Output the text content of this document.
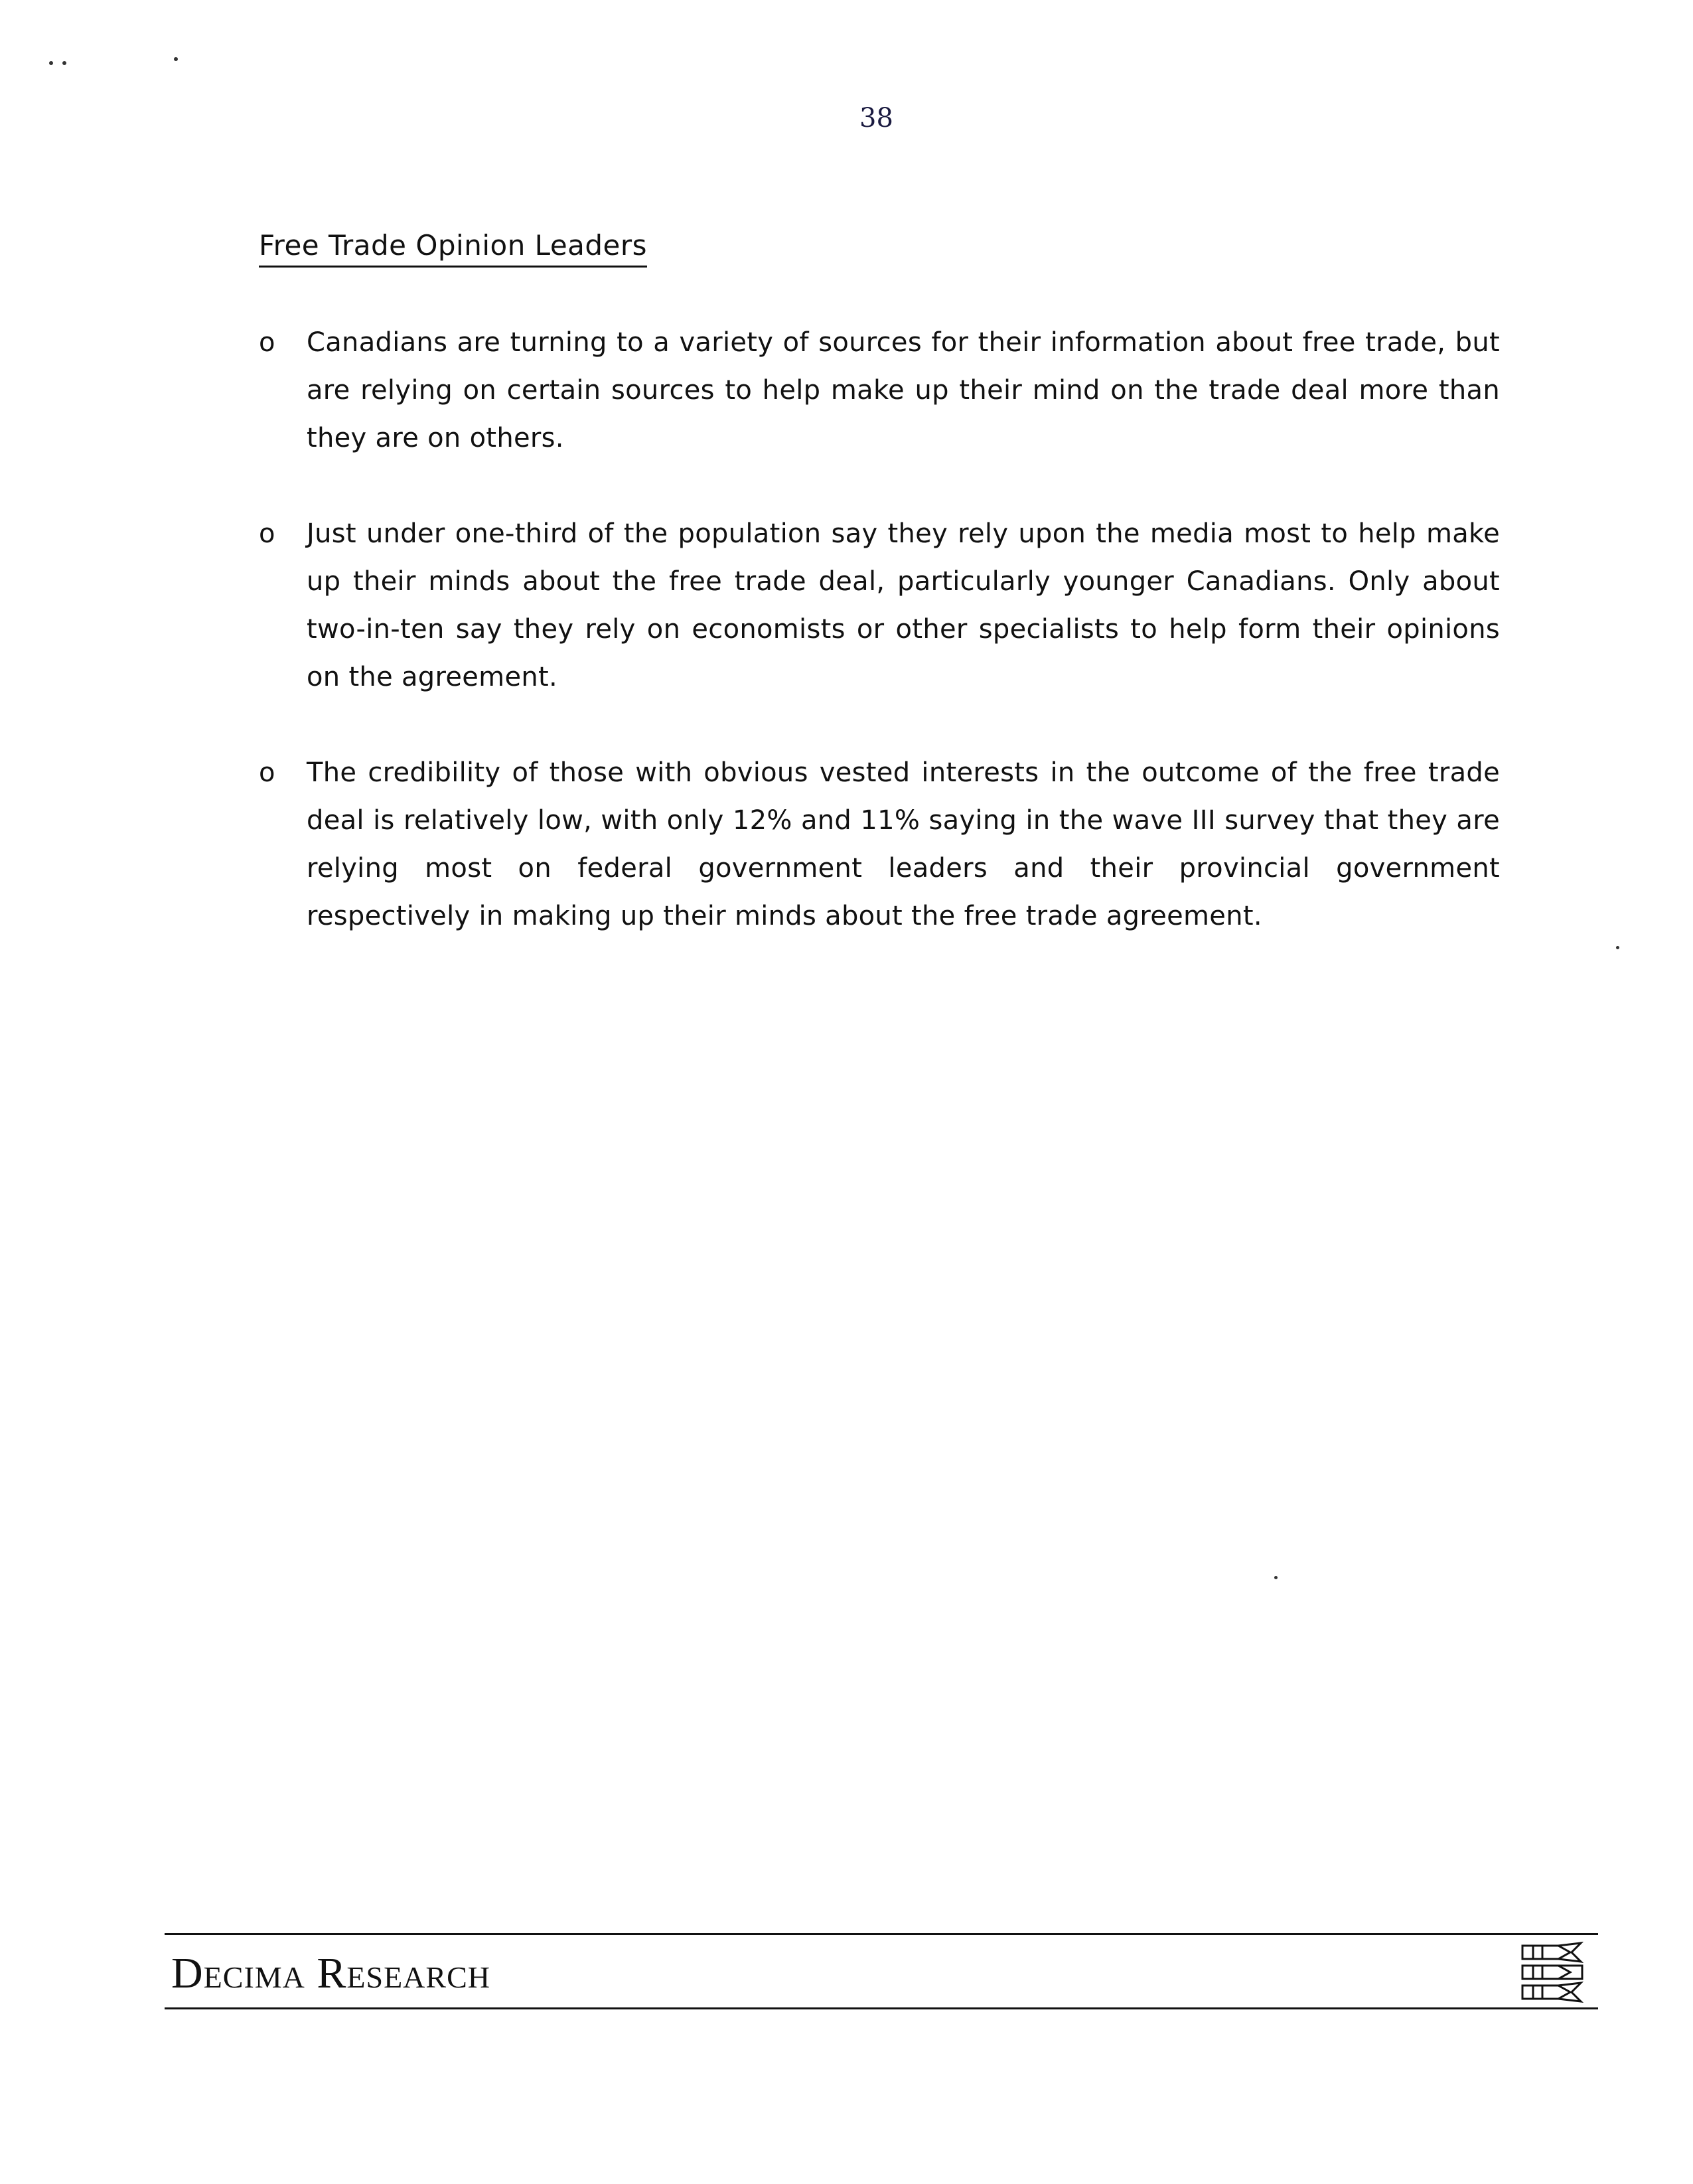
38
Free Trade Opinion Leaders
o Canadians are turning to a variety of sources for their information about free trade, but are relying on certain sources to help make up their mind on the trade deal more than they are on others.
o Just under one-third of the population say they rely upon the media most to help make up their minds about the free trade deal, particularly younger Canadians. Only about two-in-ten say they rely on economists or other specialists to help form their opinions on the agreement.
o The credibility of those with obvious vested interests in the outcome of the free trade deal is relatively low, with only 12% and 11% saying in the wave III survey that they are relying most on federal government leaders and their provincial government respectively in making up their minds about the free trade agreement.
Decima Research
